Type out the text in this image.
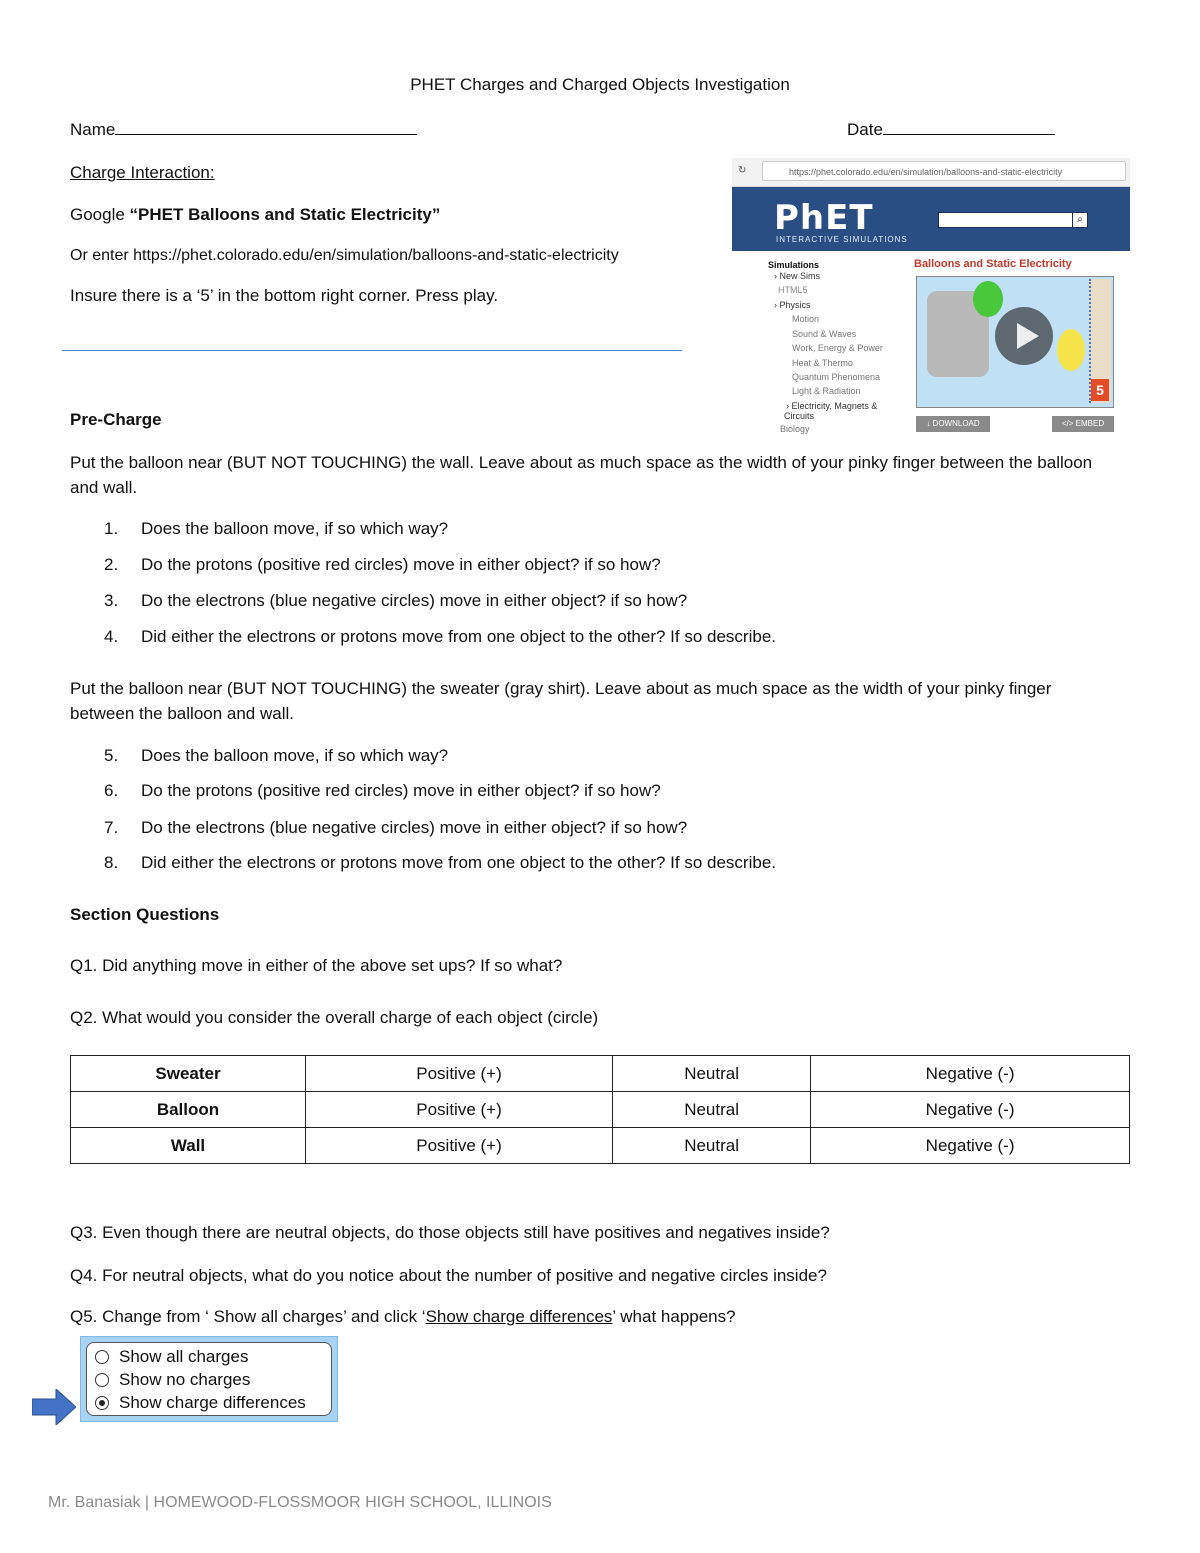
PHET Charges and Charged Objects Investigation
Name	Date
Charge Interaction:
Google “PHET Balloons and Static Electricity”
Or enter https://phet.colorado.edu/en/simulation/balloons-and-static-electricity
Insure there is a ‘5’ in the bottom right corner. Press play.
↻	https://phet.colorado.edu/en/simulation/balloons-and-static-electricity
PhET
INTERACTIVE SIMULATIONS
⌕
Simulations
› New Sims
HTML5
› Physics
Motion
Sound & Waves
Work, Energy & Power
Heat & Thermo
Quantum Phenomena
Light & Radiation
› Electricity, Magnets &
Circuits
Biology
Balloons and Static Electricity
5
↓ DOWNLOAD	</> EMBED
Pre-Charge
Put the balloon near (BUT NOT TOUCHING) the wall. Leave about as much space as the width of your pinky finger between the balloon and wall.
1.	Does the balloon move, if so which way?
2.	Do the protons (positive red circles) move in either object? if so how?
3.	Do the electrons (blue negative circles) move in either object? if so how?
4.	Did either the electrons or protons move from one object to the other? If so describe.
Put the balloon near (BUT NOT TOUCHING) the sweater (gray shirt). Leave about as much space as the width of your pinky finger between the balloon and wall.
5.	Does the balloon move, if so which way?
6.	Do the protons (positive red circles) move in either object? if so how?
7.	Do the electrons (blue negative circles) move in either object? if so how?
8.	Did either the electrons or protons move from one object to the other? If so describe.
Section Questions
Q1. Did anything move in either of the above set ups? If so what?
Q2. What would you consider the overall charge of each object (circle)
Sweater	Positive (+)	Neutral	Negative (-)
Balloon	Positive (+)	Neutral	Negative (-)
Wall	Positive (+)	Neutral	Negative (-)
Q3. Even though there are neutral objects, do those objects still have positives and negatives inside?
Q4. For neutral objects, what do you notice about the number of positive and negative circles inside?
Q5. Change from ‘ Show all charges’ and click ‘Show charge differences’ what happens?
Show all charges
Show no charges
Show charge differences
Mr. Banasiak | HOMEWOOD-FLOSSMOOR HIGH SCHOOL, ILLINOIS
